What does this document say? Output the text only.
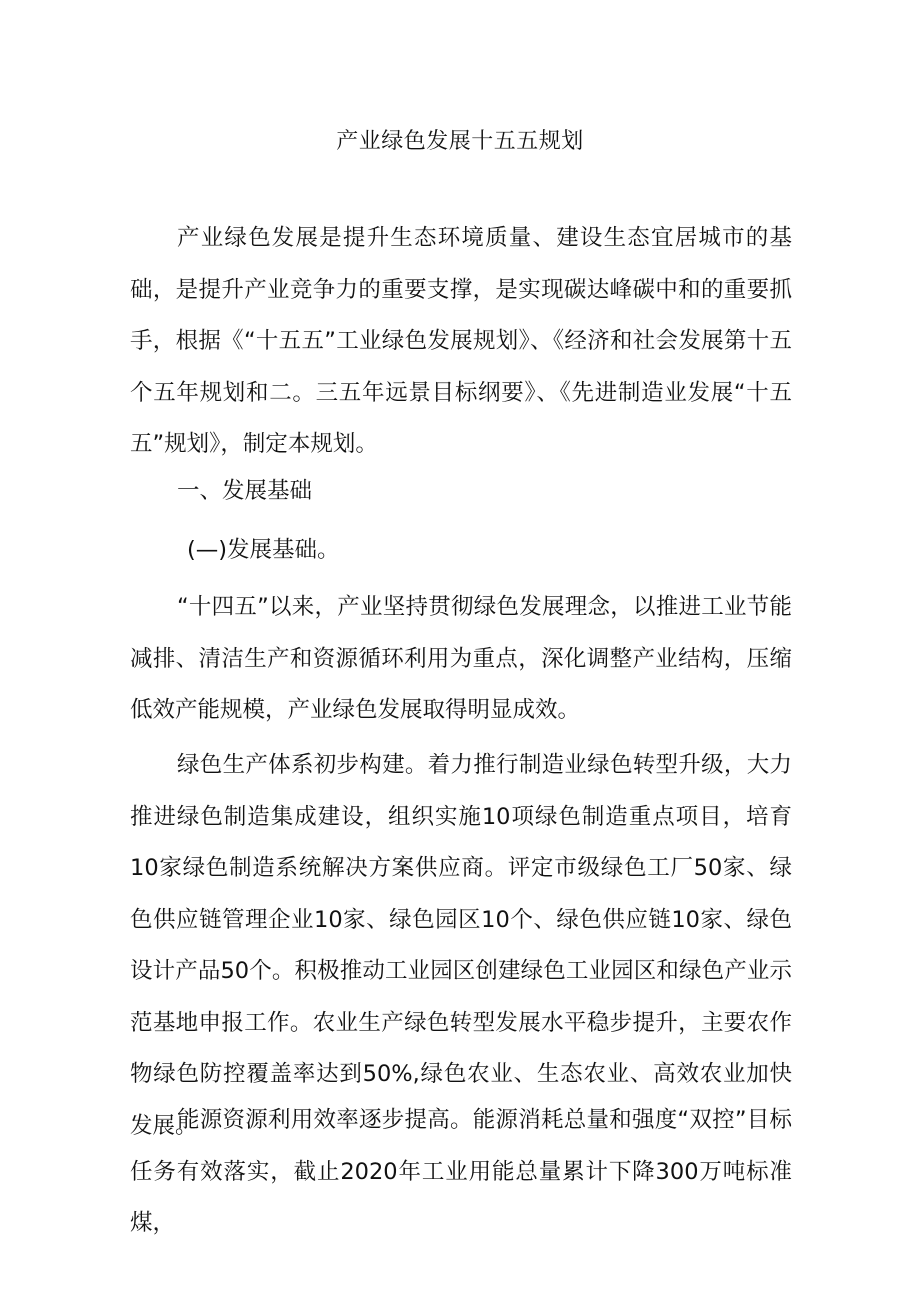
产业绿色发展十五五规划

产业绿色发展是提升生态环境质量、建设生态宜居城市的基础，是提升产业竞争力的重要支撑，是实现碳达峰碳中和的重要抓手，根据《“十五五”工业绿色发展规划》、《经济和社会发展第十五个五年规划和二。三五年远景目标纲要》、《先进制造业发展“十五五”规划》，制定本规划。

一、发展基础

(—)发展基础。

“十四五”以来，产业坚持贯彻绿色发展理念，以推进工业节能减排、清洁生产和资源循环利用为重点，深化调整产业结构，压缩低效产能规模，产业绿色发展取得明显成效。

绿色生产体系初步构建。着力推行制造业绿色转型升级，大力推进绿色制造集成建设，组织实施10项绿色制造重点项目，培育10家绿色制造系统解决方案供应商。评定市级绿色工厂50家、绿色供应链管理企业10家、绿色园区10个、绿色供应链10家、绿色设计产品50个。积极推动工业园区创建绿色工业园区和绿色产业示范基地申报工作。农业生产绿色转型发展水平稳步提升，主要农作物绿色防控覆盖率达到50%,绿色农业、生态农业、高效农业加快发展。

能源资源利用效率逐步提高。能源消耗总量和强度“双控”目标任务有效落实，截止2020年工业用能总量累计下降300万吨标准煤，
